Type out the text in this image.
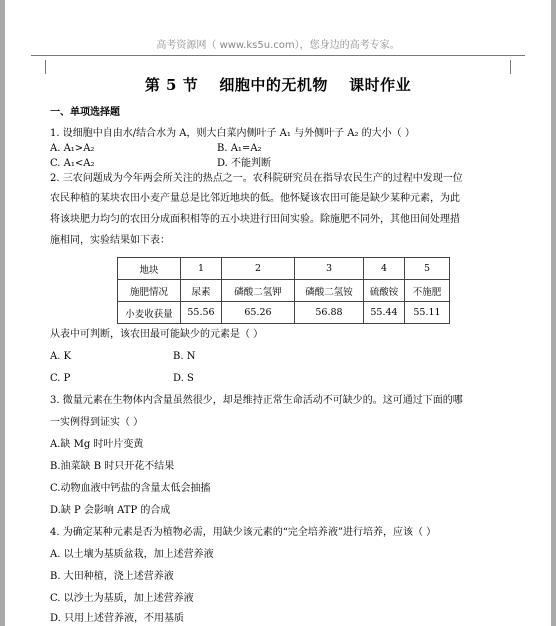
高考资源网（ www.ks5u.com），您身边的高考专家。
第 5 节　 细胞中的无机物　 课时作业
一、单项选择题
1. 设细胞中自由水/结合水为 A，则大白菜内侧叶子 A₁ 与外侧叶子 A₂ 的大小（ ）
A. A₁>A₂	B. A₁=A₂
C. A₁<A₂	D. 不能判断
2. 三农问题成为今年两会所关注的热点之一。农科院研究员在指导农民生产的过程中发现一位
农民种植的某块农田小麦产量总是比邻近地块的低。他怀疑该农田可能是缺少某种元素，为此
将该块肥力均匀的农田分成面积相等的五小块进行田间实验。除施肥不同外，其他田间处理措
施相同，实验结果如下表：
地块	1	2	3	4	5
施肥情况	尿素	磷酸二氢钾	磷酸二氢铵	硫酸铵	不施肥
小麦收获量	55.56	65.26	56.88	55.44	55.11
从表中可判断，该农田最可能缺少的元素是（ ）
A. K	B. N
C. P	D. S
3. 微量元素在生物体内含量虽然很少，却是维持正常生命活动不可缺少的。这可通过下面的哪
一实例得到证实（ ）
A.缺 Mg 时叶片变黄
B.油菜缺 B 时只开花不结果
C.动物血液中钙盐的含量太低会抽搐
D.缺 P 会影响 ATP 的合成
4. 为确定某种元素是否为植物必需，用缺少该元素的“完全培养液”进行培养，应该（ ）
A. 以土壤为基质盆栽，加上述营养液
B. 大田种植，浇上述营养液
C. 以沙土为基质，加上述营养液
D. 只用上述营养液，不用基质
